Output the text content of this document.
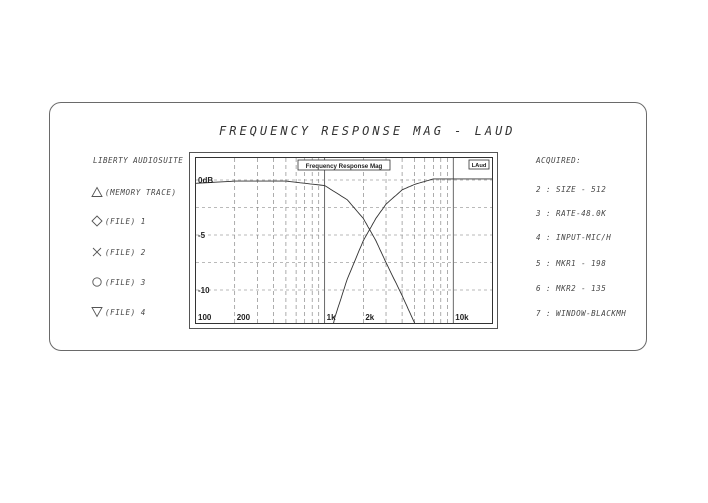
FREQUENCY RESPONSE MAG - LAUD
LIBERTY AUDIOSUITE
(MEMORY TRACE)
(FILE) 1
(FILE) 2
(FILE) 3
(FILE) 4
ACQUIRED:
2 : SIZE - 512
3 : RATE-48.0K
4 : INPUT-MIC/H
5 : MKR1 - 198
6 : MKR2 - 135
7 : WINDOW-BLACKMH
0dB
-5
-10
100	200	1k	2k	10k
Frequency Response Mag	LAud
